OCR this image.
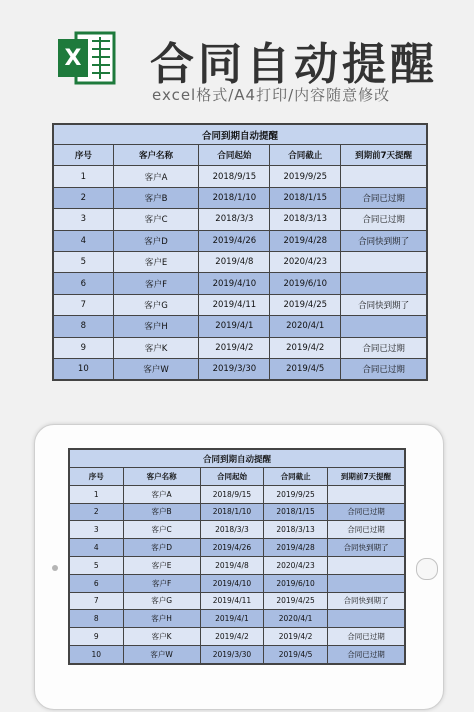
X 合同自动提醒
excel格式/A4打印/内容随意修改
合同到期自动提醒				
序号	客户名称	合同起始	合同截止	到期前7天提醒
1	客户A	2018/9/15	2019/9/25	
2	客户B	2018/1/10	2018/1/15	合同已过期
3	客户C	2018/3/3	2018/3/13	合同已过期
4	客户D	2019/4/26	2019/4/28	合同快到期了
5	客户E	2019/4/8	2020/4/23	
6	客户F	2019/4/10	2019/6/10	
7	客户G	2019/4/11	2019/4/25	合同快到期了
8	客户H	2019/4/1	2020/4/1	
9	客户K	2019/4/2	2019/4/2	合同已过期
10	客户W	2019/3/30	2019/4/5	合同已过期
合同到期自动提醒				
序号	客户名称	合同起始	合同截止	到期前7天提醒
1	客户A	2018/9/15	2019/9/25	
2	客户B	2018/1/10	2018/1/15	合同已过期
3	客户C	2018/3/3	2018/3/13	合同已过期
4	客户D	2019/4/26	2019/4/28	合同快到期了
5	客户E	2019/4/8	2020/4/23	
6	客户F	2019/4/10	2019/6/10	
7	客户G	2019/4/11	2019/4/25	合同快到期了
8	客户H	2019/4/1	2020/4/1	
9	客户K	2019/4/2	2019/4/2	合同已过期
10	客户W	2019/3/30	2019/4/5	合同已过期
